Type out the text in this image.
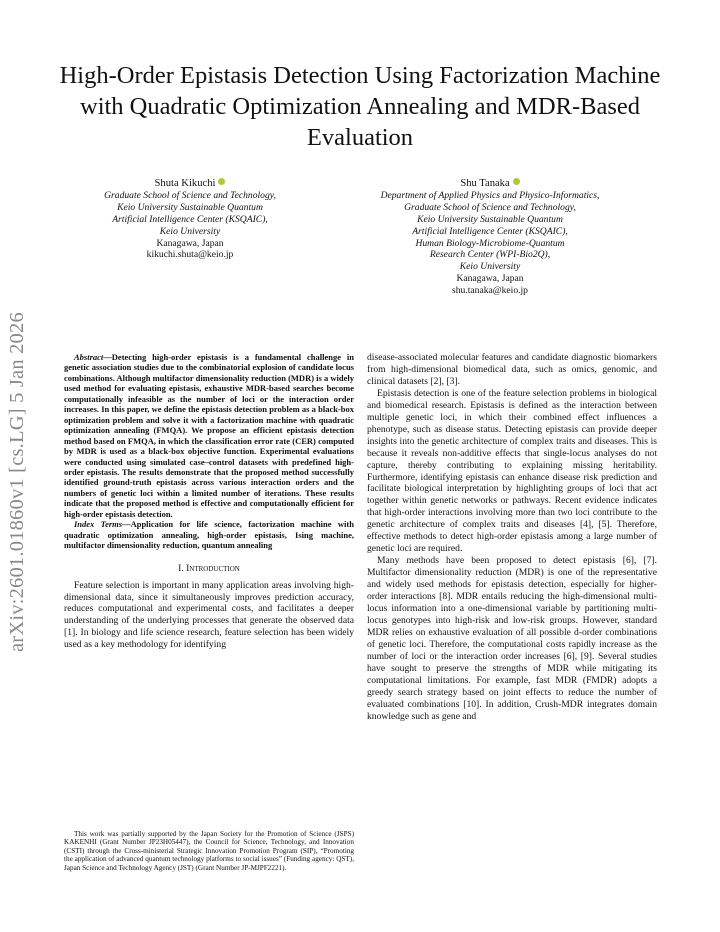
High-Order Epistasis Detection Using Factorization Machine with Quadratic Optimization Annealing and MDR-Based Evaluation
Shuta Kikuchi
Graduate School of Science and Technology,
Keio University Sustainable Quantum
Artificial Intelligence Center (KSQAIC),
Keio University
Kanagawa, Japan
kikuchi.shuta@keio.jp
Shu Tanaka
Department of Applied Physics and Physico-Informatics,
Graduate School of Science and Technology,
Keio University Sustainable Quantum
Artificial Intelligence Center (KSQAIC),
Human Biology-Microbiome-Quantum
Research Center (WPI-Bio2Q),
Keio University
Kanagawa, Japan
shu.tanaka@keio.jp
arXiv:2601.01860v1 [cs.LG] 5 Jan 2026	Abstract—Detecting high-order epistasis is a fundamental challenge in genetic association studies due to the combinatorial explosion of candidate locus combinations. Although multifactor dimensionality reduction (MDR) is a widely used method for evaluating epistasis, exhaustive MDR-based searches become computationally infeasible as the number of loci or the interaction order increases. In this paper, we define the epistasis detection problem as a black-box optimization problem and solve it with a factorization machine with quadratic optimization annealing (FMQA). We propose an efficient epistasis detection method based on FMQA, in which the classification error rate (CER) computed by MDR is used as a black-box objective function. Experimental evaluations were conducted using simulated case–control datasets with predefined high-order epistasis. The results demonstrate that the proposed method successfully identified ground-truth epistasis across various interaction orders and the numbers of genetic loci within a limited number of iterations. These results indicate that the proposed method is effective and computationally efficient for high-order epistasis detection.

Index Terms—Application for life science, factorization machine with quadratic optimization annealing, high-order epistasis, Ising machine, multifactor dimensionality reduction, quantum annealing

I. Introduction

Feature selection is important in many application areas involving high-dimensional data, since it simultaneously improves prediction accuracy, reduces computational and experimental costs, and facilitates a deeper understanding of the underlying processes that generate the observed data [1]. In biology and life science research, feature selection has been widely used as a key methodology for identifying

This work was partially supported by the Japan Society for the Promotion of Science (JSPS) KAKENHI (Grant Number JP23H05447), the Council for Science, Technology, and Innovation (CSTI) through the Cross-ministerial Strategic Innovation Promotion Program (SIP), “Promoting the application of advanced quantum technology platforms to social issues” (Funding agency: QST), Japan Science and Technology Agency (JST) (Grant Number JP-MJPF2221).

disease-associated molecular features and candidate diagnostic biomarkers from high-dimensional biomedical data, such as omics, genomic, and clinical datasets [2], [3].

Epistasis detection is one of the feature selection problems in biological and biomedical research. Epistasis is defined as the interaction between multiple genetic loci, in which their combined effect influences a phenotype, such as disease status. Detecting epistasis can provide deeper insights into the genetic architecture of complex traits and diseases. This is because it reveals non-additive effects that single-locus analyses do not capture, thereby contributing to explaining missing heritability. Furthermore, identifying epistasis can enhance disease risk prediction and facilitate biological interpretation by highlighting groups of loci that act together within genetic networks or pathways. Recent evidence indicates that high-order interactions involving more than two loci contribute to the genetic architecture of complex traits and diseases [4], [5]. Therefore, effective methods to detect high-order epistasis among a large number of genetic loci are required.

Many methods have been proposed to detect epistasis [6], [7]. Multifactor dimensionality reduction (MDR) is one of the representative and widely used methods for epistasis detection, especially for higher-order interactions [8]. MDR entails reducing the high-dimensional multi-locus information into a one-dimensional variable by partitioning multi-locus genotypes into high-risk and low-risk groups. However, standard MDR relies on exhaustive evaluation of all possible d-order combinations of genetic loci. Therefore, the computational costs rapidly increase as the number of loci or the interaction order increases [6], [9]. Several studies have sought to preserve the strengths of MDR while mitigating its computational limitations. For example, fast MDR (FMDR) adopts a greedy search strategy based on joint effects to reduce the number of evaluated combinations [10]. In addition, Crush-MDR integrates domain knowledge such as gene and
